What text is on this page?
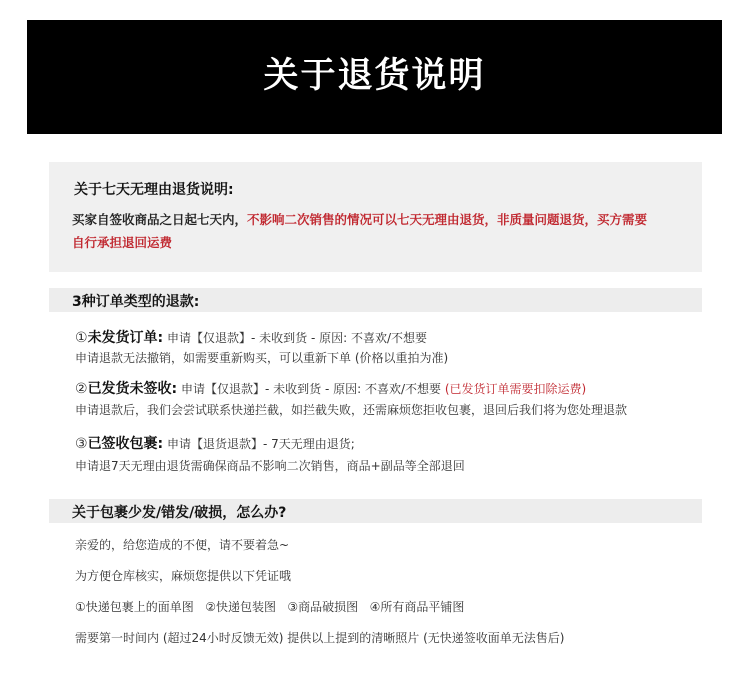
关于退货说明
关于七天无理由退货说明:
买家自签收商品之日起七天内，不影响二次销售的情况可以七天无理由退货，非质量问题退货，买方需要
自行承担退回运费
3种订单类型的退款:
①未发货订单: 申请【仅退款】- 未收到货 - 原因: 不喜欢/不想要
申请退款无法撤销，如需要重新购买，可以重新下单 (价格以重拍为准)
②已发货未签收: 申请【仅退款】- 未收到货 - 原因: 不喜欢/不想要 (已发货订单需要扣除运费)
申请退款后，我们会尝试联系快递拦截，如拦截失败，还需麻烦您拒收包裹，退回后我们将为您处理退款
③已签收包裹: 申请【退货退款】- 7天无理由退货;
申请退7天无理由退货需确保商品不影响二次销售，商品+副品等全部退回
关于包裹少发/错发/破损，怎么办?
亲爱的，给您造成的不便，请不要着急~
为方便仓库核实，麻烦您提供以下凭证哦
①快递包裹上的面单图   ②快递包装图   ③商品破损图   ④所有商品平铺图
需要第一时间内 (超过24小时反馈无效) 提供以上提到的清晰照片 (无快递签收面单无法售后)
